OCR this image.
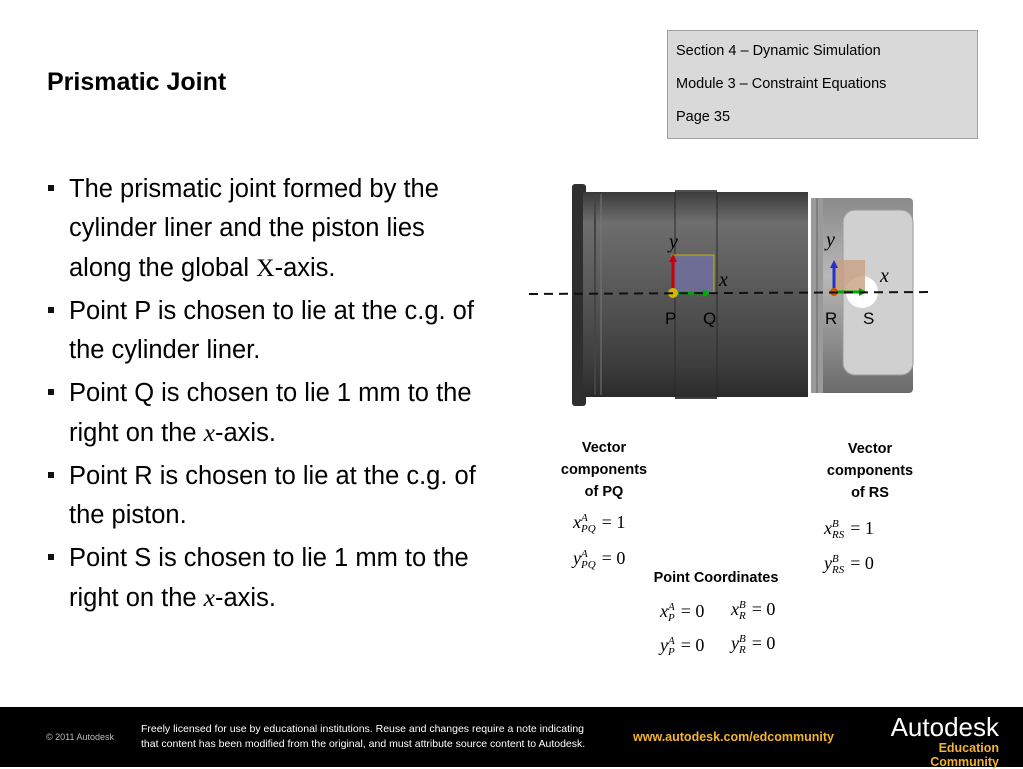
Prismatic Joint
Section 4 – Dynamic Simulation
Module 3 – Constraint Equations
Page 35
The prismatic joint formed by the cylinder liner and the piston lies along the global X-axis.
Point P is chosen to lie at the c.g. of the cylinder liner.
Point Q is chosen to lie 1 mm to the right on the x-axis.
Point R is chosen to lie at the c.g. of the piston.
Point S is chosen to lie 1 mm to the right on the x-axis.
y
x
y
x
P Q	R S
Vector
components
of PQ
x A
PQ = 1
y A
PQ = 0
Vector
components
of RS
x B
RS = 1
y B
RS = 0
Point Coordinates
x A
P = 0 x B
R = 0
y A
P = 0 y B
R = 0
© 2011 Autodesk
Freely licensed for use by educational institutions. Reuse and changes require a note indicating
that content has been modified from the original, and must attribute source content to Autodesk.	www.autodesk.com/edcommunity	Autodesk
Education Community
